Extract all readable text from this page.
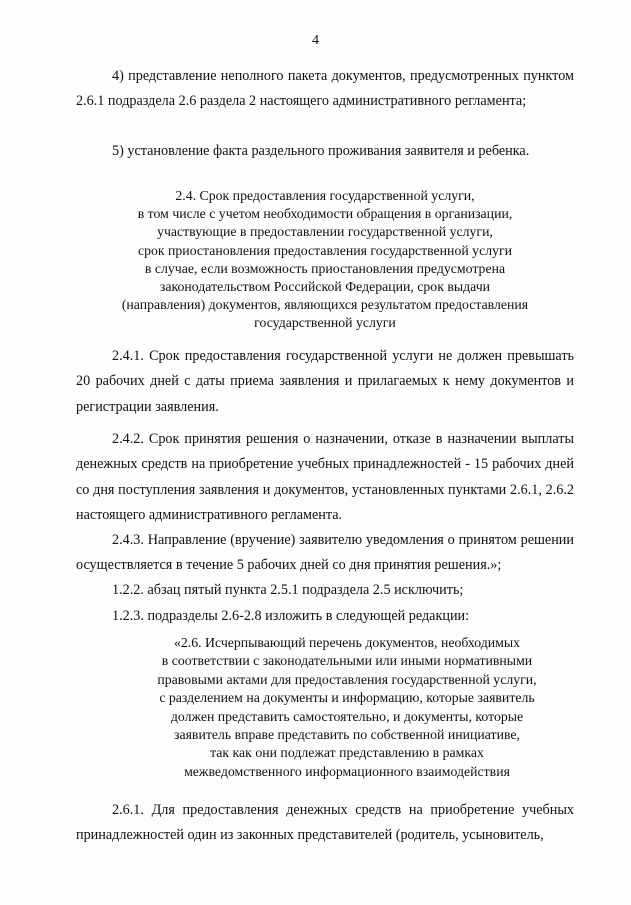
4

4) представление неполного пакета документов, предусмотренных пунктом 2.6.1 подраздела 2.6 раздела 2 настоящего административного регламента;

5) установление факта раздельного проживания заявителя и ребенка.

2.4. Срок предоставления государственной услуги,
в том числе с учетом необходимости обращения в организации,
участвующие в предоставлении государственной услуги,
срок приостановления предоставления государственной услуги
в случае, если возможность приостановления предусмотрена
законодательством Российской Федерации, срок выдачи
(направления) документов, являющихся результатом предоставления
государственной услуги

2.4.1. Срок предоставления государственной услуги не должен превышать 20 рабочих дней с даты приема заявления и прилагаемых к нему документов и регистрации заявления.

2.4.2. Срок принятия решения о назначении, отказе в назначении выплаты денежных средств на приобретение учебных принадлежностей - 15 рабочих дней со дня поступления заявления и документов, установленных пунктами 2.6.1, 2.6.2 настоящего административного регламента.

2.4.3. Направление (вручение) заявителю уведомления о принятом решении осуществляется в течение 5 рабочих дней со дня принятия решения.»;

1.2.2. абзац пятый пункта 2.5.1 подраздела 2.5 исключить;

1.2.3. подразделы 2.6-2.8 изложить в следующей редакции:

«2.6. Исчерпывающий перечень документов, необходимых
в соответствии с законодательными или иными нормативными
правовыми актами для предоставления государственной услуги,
с разделением на документы и информацию, которые заявитель
должен представить самостоятельно, и документы, которые
заявитель вправе представить по собственной инициативе,
так как они подлежат представлению в рамках
межведомственного информационного взаимодействия

2.6.1. Для предоставления денежных средств на приобретение учебных принадлежностей один из законных представителей (родитель, усыновитель,
